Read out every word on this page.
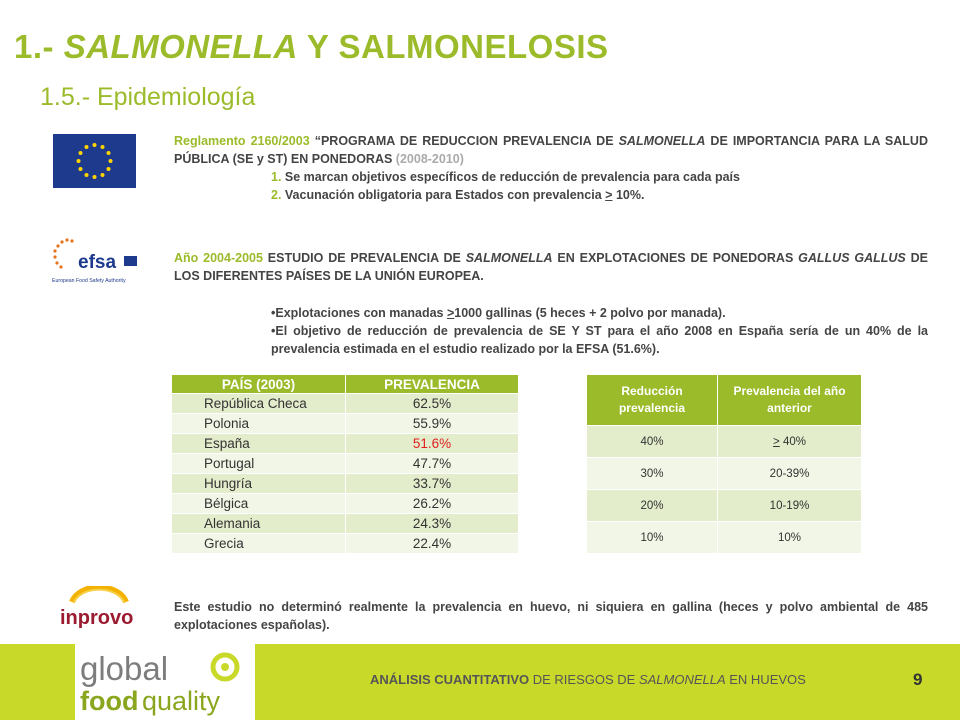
1.- SALMONELLA Y SALMONELOSIS
1.5.- Epidemiología
Reglamento 2160/2003 “PROGRAMA DE REDUCCION PREVALENCIA DE SALMONELLA DE IMPORTANCIA PARA LA SALUD PÚBLICA (SE y ST) EN PONEDORAS (2008-2010)
1. Se marcan objetivos específicos de reducción de prevalencia para cada país
2. Vacunación obligatoria para Estados con prevalencia ≥ 10%.
efsa
European Food Safety Authority
Año 2004-2005 ESTUDIO DE PREVALENCIA DE SALMONELLA EN EXPLOTACIONES DE PONEDORAS GALLUS GALLUS DE LOS DIFERENTES PAÍSES DE LA UNIÓN EUROPEA.
•Explotaciones con manadas ≥1000 gallinas (5 heces + 2 polvo por manada).
•El objetivo de reducción de prevalencia de SE Y ST para el año 2008 en España sería de un 40% de la prevalencia estimada en el estudio realizado por la EFSA (51.6%).
PAÍS (2003)	PREVALENCIA
República Checa	62.5%
Polonia	55.9%
España	51.6%
Portugal	47.7%
Hungría	33.7%
Bélgica	26.2%
Alemania	24.3%
Grecia	22.4%
Reducción prevalencia	Prevalencia del año anterior
40%	≥ 40%
30%	20-39%
20%	10-19%
10%	10%
inprovo	Este estudio no determinó realmente la prevalencia en huevo, ni siquiera en gallina (heces y polvo ambiental de 485 explotaciones españolas).
global
food quality
ANÁLISIS CUANTITATIVO DE RIESGOS DE SALMONELLA EN HUEVOS	9
